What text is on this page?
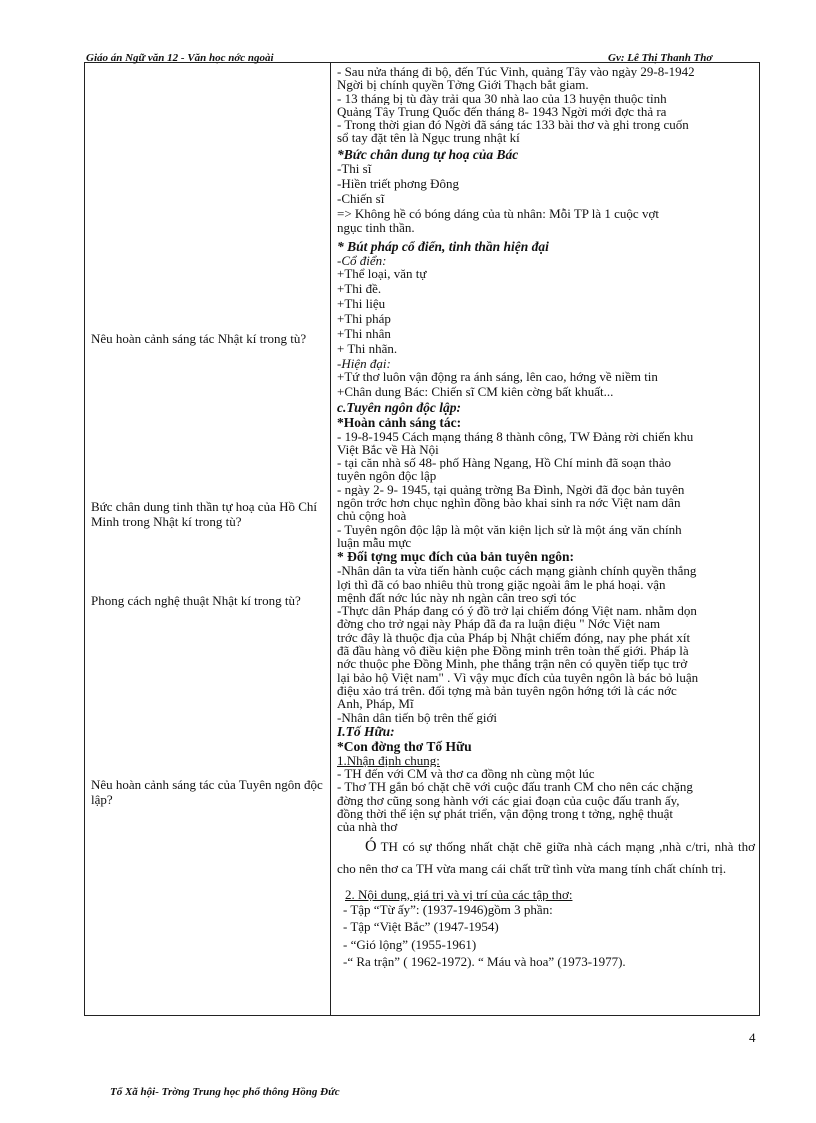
Giáo án Ngữ văn 12 - Văn học nớc ngoài	Gv: Lê Thị Thanh Thơ
Nêu hoàn cảnh sáng tác Nhật kí trong tù?
Bức chân dung tinh thần tự hoạ của Hồ Chí Minh trong Nhật kí trong tù?
Phong cách nghệ thuật Nhật kí trong tù?
Nêu hoàn cảnh sáng tác của Tuyên ngôn độc lập?
- Sau nửa tháng đi bộ, đến Túc Vinh, quảng Tây vào ngày 29-8-1942
Ngời bị chính quyền Tởng Giới Thạch bắt giam.
- 13 tháng bị tù đày trải qua 30 nhà lao của 13 huyện thuộc tỉnh
Quảng Tây Trung Quốc đến tháng 8- 1943 Ngời mới đợc thả ra
- Trong thời gian đó Ngời đã sáng tác 133 bài thơ và ghi trong cuốn
sổ tay đặt tên là Ngục trung nhật kí
*Bức chân dung tự hoạ của Bác
-Thi sĩ
-Hiền triết phơng Đông
-Chiến sĩ
=> Không hề có bóng dáng của tù nhân: Mỗi TP là 1 cuộc vợt
ngục tinh thần.
* Bút pháp cổ điển, tinh thần hiện đại
-Cổ điển:
+Thể loại, văn tự
+Thi đề.
+Thi liệu
+Thi pháp
+Thi nhân
+ Thi nhãn.
-Hiện đại:
+Tứ thơ luôn vận động ra ánh sáng, lên cao, hớng về niềm tin
+Chân dung Bác: Chiến sĩ CM kiên cờng bất khuất...
c.Tuyên ngôn độc lập:
*Hoàn cảnh sáng tác:
- 19-8-1945 Cách mạng tháng 8 thành công, TW Đảng rời chiến khu
Việt Bắc về Hà Nội
- tại căn nhà số 48- phố Hàng Ngang, Hồ Chí minh đã soạn thảo
tuyên ngôn độc lập
- ngày 2- 9- 1945, tại quảng trờng Ba Đình, Ngời đã đọc bản tuyên
ngôn trớc hơn chục nghìn đồng bào khai sinh ra nớc Việt nam dân
chủ cộng hoà
- Tuyên ngôn độc lập là một văn kiện lịch sử là một áng văn chính
luận mẫu mực
* Đối tợng mục đích của bản tuyên ngôn:
-Nhân dân ta vừa tiến hành cuộc cách mạng giành chính quyền thắng
lợi thì đã có bao nhiêu thù trong giặc ngoài âm le phá hoại. vận
mệnh đất nớc lúc này nh ngàn cân treo sợi tóc
-Thực dân Pháp đang có ý đồ trở lại chiếm đóng Việt nam. nhằm dọn
đờng cho trở ngại này Pháp đã đa ra luận điệu " Nớc Việt nam
trớc đây là thuộc địa của Pháp bị Nhật chiếm đóng, nay phe phát xít
đã đầu hàng vô điều kiện phe Đồng minh trên toàn thế giới. Pháp là
nớc thuộc phe Đồng Minh, phe thắng trận nên có quyền tiếp tục trở
lại bảo hộ Việt nam" . Vì vậy mục đích của tuyên ngôn là bác bỏ luận
điệu xảo trá trên. đối tợng mà bản tuyên ngôn hớng tới là các nớc
Anh, Pháp, Mĩ
-Nhân dân tiến bộ trên thế giới
I.Tố Hữu:
*Con đờng thơ Tố Hữu
1.Nhận định chung:
- TH đến với CM và thơ ca đồng nh cùng một lúc
- Thơ TH gắn bó chặt chẽ với cuộc đấu tranh CM cho nên các chặng
đờng thơ cũng song hành với các giai đoạn của cuộc đấu tranh ấy,
đồng thời thể iện sự phát triển, vận động trong t tởng, nghệ thuật
của nhà thơ
Ó TH có sự thống nhất chặt chẽ giữa nhà cách mạng ,nhà c/tri, nhà thơ cho nên thơ ca TH vừa mang cái chất trữ tình vừa mang tính chất chính trị.
2. Nội dung, giá trị và vị trí của các tập thơ:
- Tập “Từ ấy”: (1937-1946)gồm 3 phần:
- Tập “Việt Bắc” (1947-1954)
- “Gió lộng” (1955-1961)
-“ Ra trận” ( 1962-1972). “ Máu và hoa” (1973-1977).
4
Tổ Xã hội- Trờng Trung học phổ thông Hồng Đức
